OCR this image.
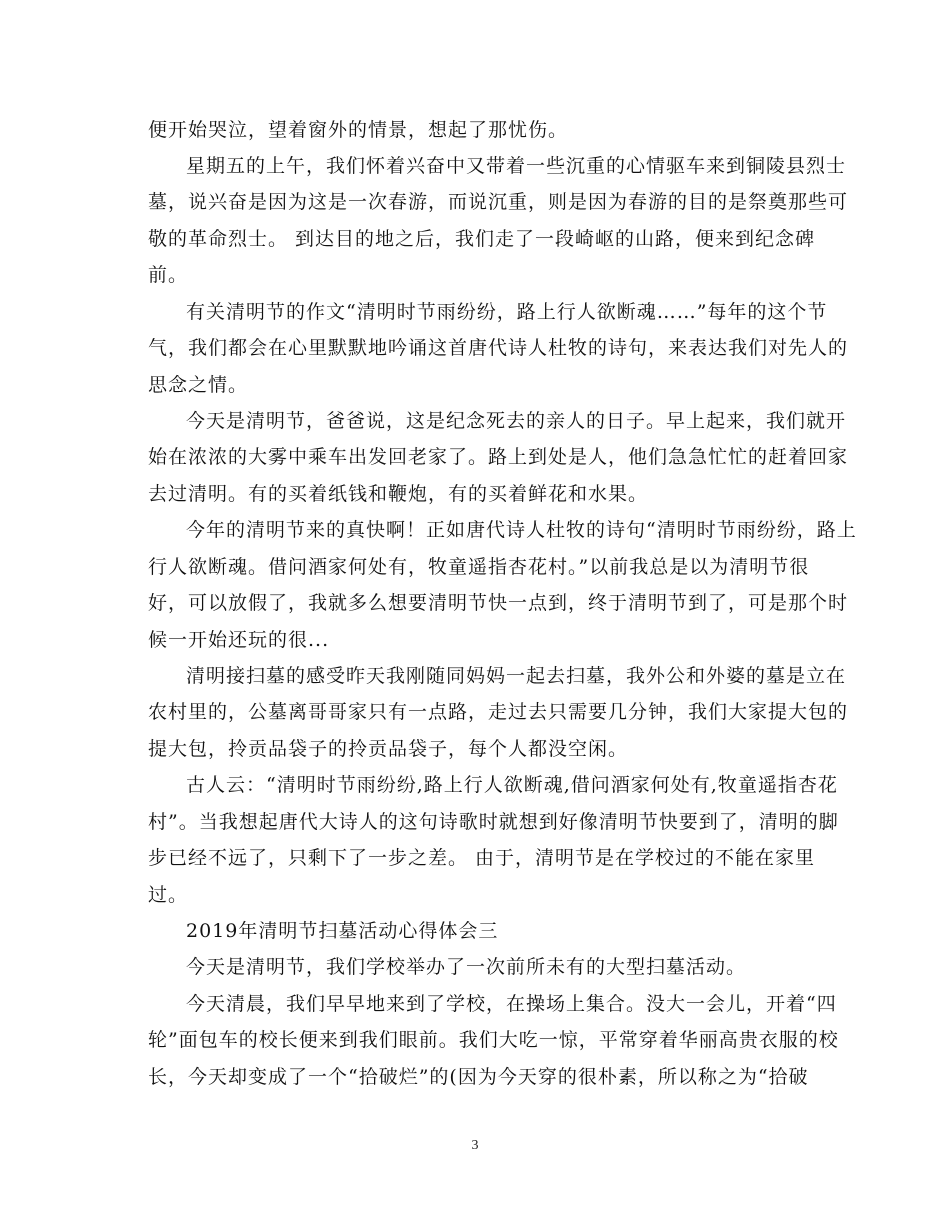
便开始哭泣，望着窗外的情景，想起了那忧伤。
星期五的上午，我们怀着兴奋中又带着一些沉重的心情驱车来到铜陵县烈士
墓，说兴奋是因为这是一次春游，而说沉重，则是因为春游的目的是祭奠那些可
敬的革命烈士。 到达目的地之后，我们走了一段崎岖的山路，便来到纪念碑
前。
有关清明节的作文“清明时节雨纷纷，路上行人欲断魂……”每年的这个节
气，我们都会在心里默默地吟诵这首唐代诗人杜牧的诗句，来表达我们对先人的
思念之情。
今天是清明节，爸爸说，这是纪念死去的亲人的日子。早上起来，我们就开
始在浓浓的大雾中乘车出发回老家了。路上到处是人，他们急急忙忙的赶着回家
去过清明。有的买着纸钱和鞭炮，有的买着鲜花和水果。
今年的清明节来的真快啊！正如唐代诗人杜牧的诗句“清明时节雨纷纷，路上
行人欲断魂。借问酒家何处有，牧童遥指杏花村。”以前我总是以为清明节很
好，可以放假了，我就多么想要清明节快一点到，终于清明节到了，可是那个时
候一开始还玩的很...
清明接扫墓的感受昨天我刚随同妈妈一起去扫墓，我外公和外婆的墓是立在
农村里的，公墓离哥哥家只有一点路，走过去只需要几分钟，我们大家提大包的
提大包，拎贡品袋子的拎贡品袋子，每个人都没空闲。
古人云：“清明时节雨纷纷,路上行人欲断魂,借问酒家何处有,牧童遥指杏花
村”。当我想起唐代大诗人的这句诗歌时就想到好像清明节快要到了，清明的脚
步已经不远了，只剩下了一步之差。 由于，清明节是在学校过的不能在家里
过。
2019年清明节扫墓活动心得体会三
今天是清明节，我们学校举办了一次前所未有的大型扫墓活动。
今天清晨，我们早早地来到了学校，在操场上集合。没大一会儿，开着“四
轮”面包车的校长便来到我们眼前。我们大吃一惊，平常穿着华丽高贵衣服的校
长，今天却变成了一个“拾破烂”的(因为今天穿的很朴素，所以称之为“拾破
3
